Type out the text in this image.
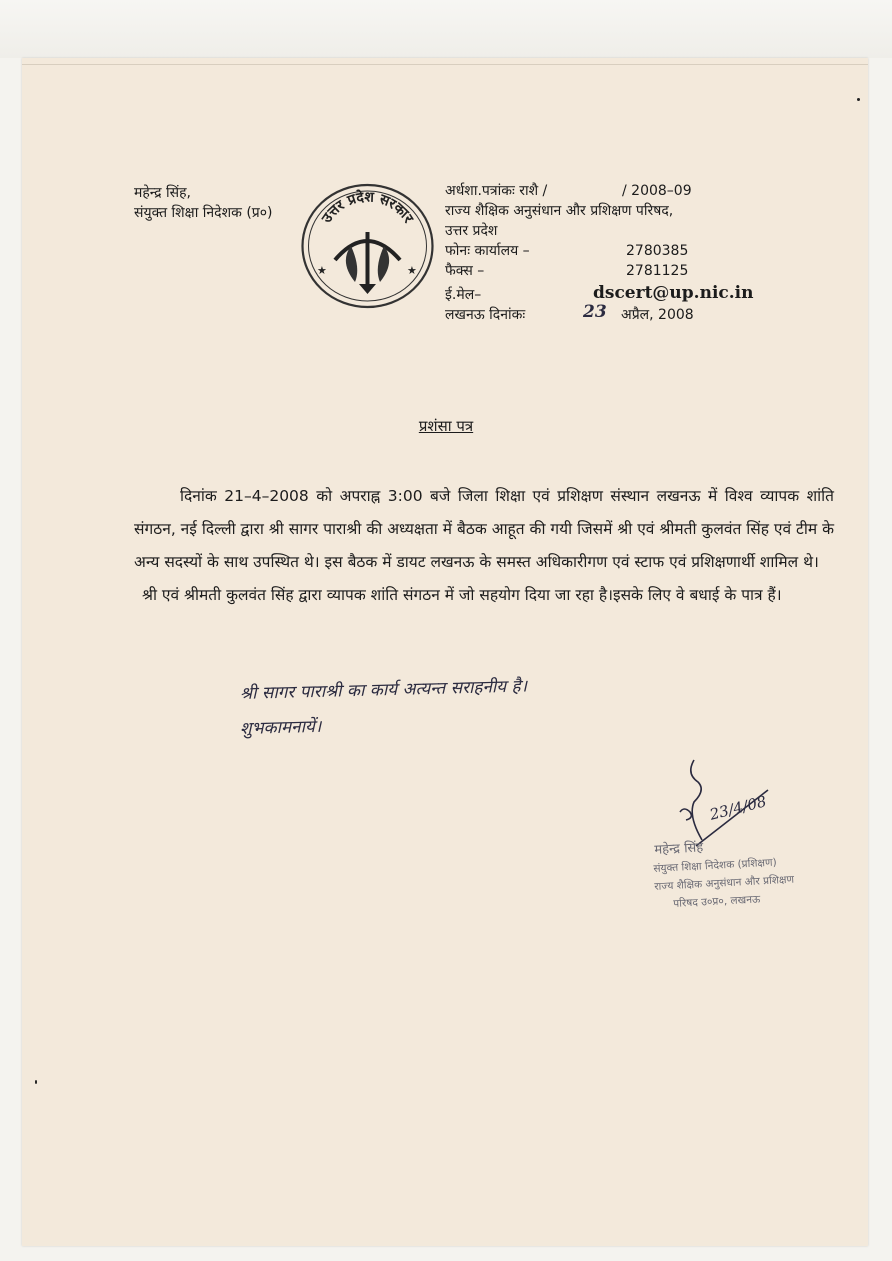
महेन्द्र सिंह,
संयुक्त शिक्षा निदेशक (प्र०)	उत्तर प्रदेश सरकार
★	★
अर्धशा.पत्रांकः राशै /	/ 2008–09
राज्य शैक्षिक अनुसंधान और प्रशिक्षण परिषद,
उत्तर प्रदेश
फोनः कार्यालय –	2780385
फैक्स –	2781125
ई.मेल–	dscert@up.nic.in
लखनऊ दिनांकः	23 अप्रैल, 2008
प्रशंसा पत्र

दिनांक 21–4–2008 को अपराह्न 3:00 बजे जिला शिक्षा एवं प्रशिक्षण संस्थान लखनऊ में विश्व व्यापक शांति संगठन, नई दिल्ली द्वारा श्री सागर पाराश्री की अध्यक्षता में बैठक आहूत की गयी जिसमें श्री एवं श्रीमती कुलवंत सिंह एवं टीम के अन्य सदस्यों के साथ उपस्थित थे। इस बैठक में डायट लखनऊ के समस्त अधिकारीगण एवं स्टाफ एवं प्रशिक्षणार्थी शामिल थे।

श्री एवं श्रीमती कुलवंत सिंह द्वारा व्यापक शांति संगठन में जो सहयोग दिया जा रहा है।इसके लिए वे बधाई के पात्र हैं।

श्री सागर पाराश्री का कार्य अत्यन्त सराहनीय है।
शुभकामनायें।
23/4/08
महेन्द्र सिंह
संयुक्त शिक्षा निदेशक (प्रशिक्षण)
राज्य शैक्षिक अनुसंधान और प्रशिक्षण
परिषद उ०प्र०, लखनऊ
